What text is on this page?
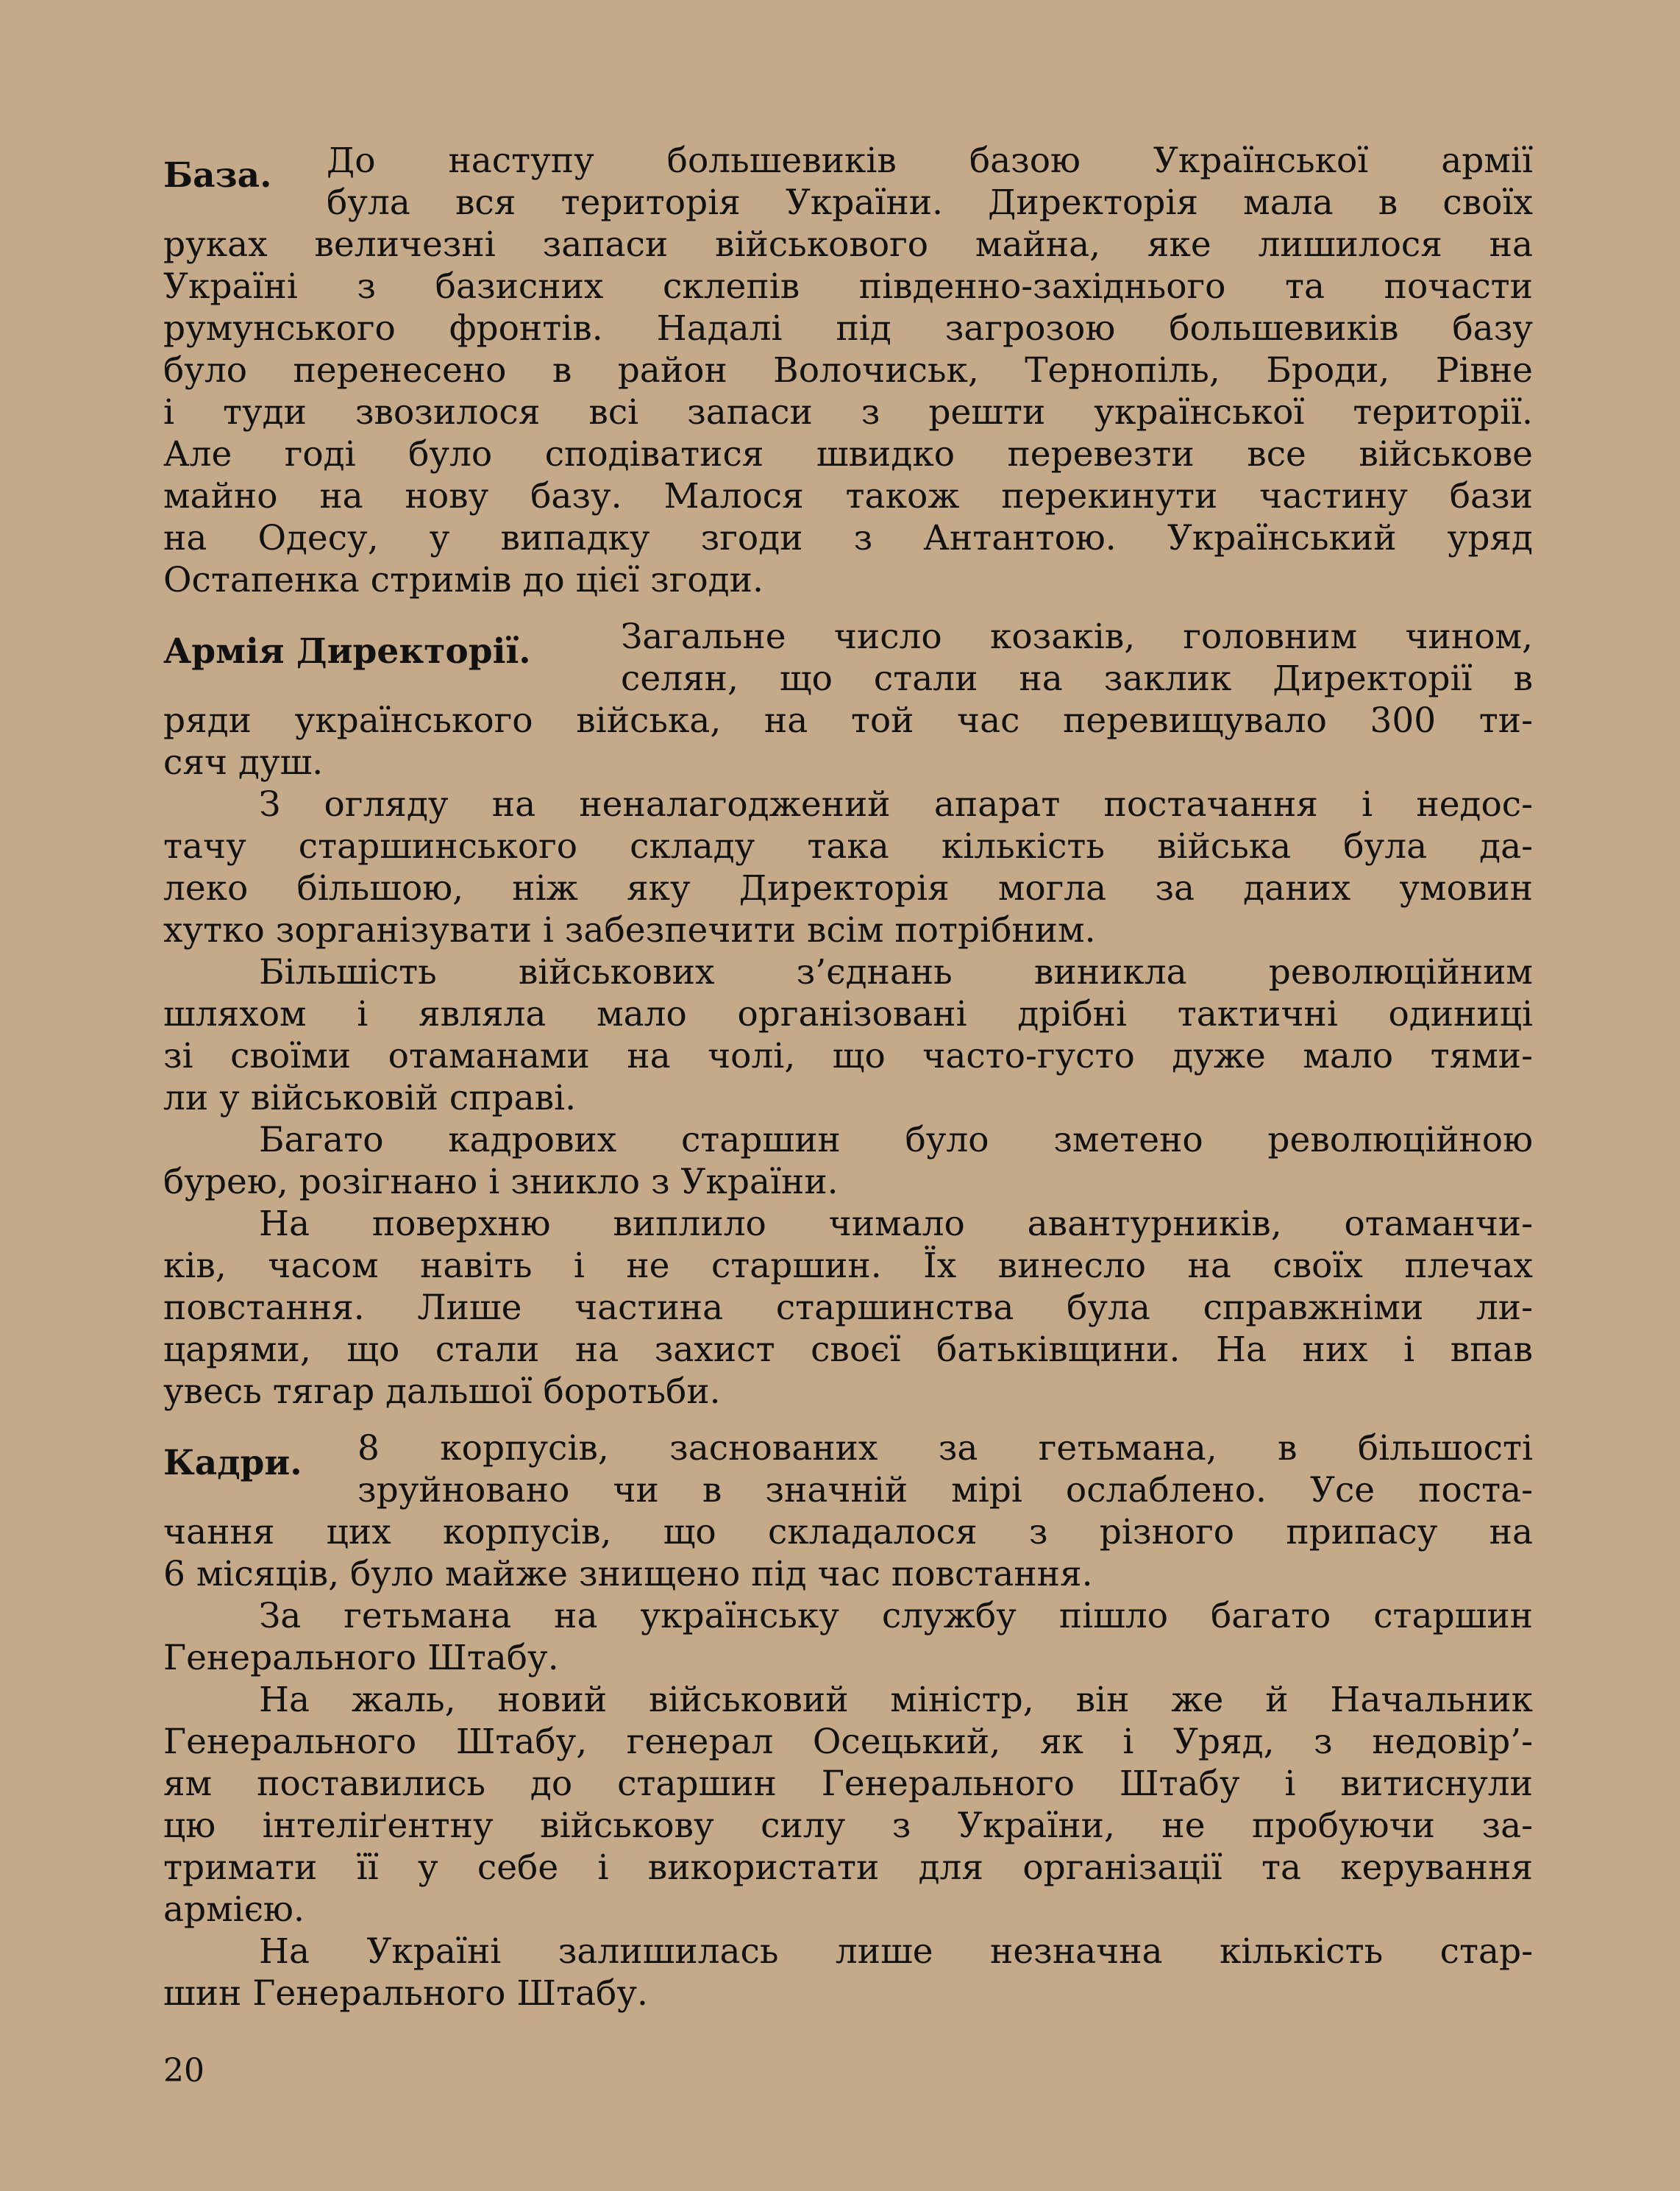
База. До наступу большевиків базою Української армії
була вся територія України. Директорія мала в своїх
руках величезні запаси військового майна, яке лишилося на
Україні з базисних склепів південно-західнього та почасти
румунського фронтів. Надалі під загрозою большевиків базу
було перенесено в район Волочиськ, Тернопіль, Броди, Рівне
і туди звозилося всі запаси з решти української території.
Але годі було сподіватися швидко перевезти все військове
майно на нову базу. Малося також перекинути частину бази
на Одесу, у випадку згоди з Антантою. Український уряд
Остапенка стримів до цієї згоди.
Армія Директорії.	Загальне число козаків, головним чином,
селян, що стали на заклик Директорії в
ряди українського війська, на той час перевищувало 300 ти-
сяч душ.
З огляду на неналагоджений апарат постачання і недос-
тачу старшинського складу така кількість війська була да-
леко більшою, ніж яку Директорія могла за даних умовин
хутко зорганізувати і забезпечити всім потрібним.
Більшість військових з’єднань виникла революційним
шляхом і являла мало організовані дрібні тактичні одиниці
зі своїми отаманами на чолі, що часто-густо дуже мало тями-
ли у військовій справі.
Багато кадрових старшин було зметено революційною
бурею, розігнано і зникло з України.
На поверхню виплило чимало авантурників, отаманчи-
ків, часом навіть і не старшин. Їх винесло на своїх плечах
повстання. Лише частина старшинства була справжніми ли-
царями, що стали на захист своєї батьківщини. На них і впав
увесь тягар дальшої боротьби.
Кадри. 8 корпусів, заснованих за гетьмана, в більшості
зруйновано чи в значній мірі ослаблено. Усе поста-
чання цих корпусів, що складалося з різного припасу на
6 місяців, було майже знищено під час повстання.
За гетьмана на українську службу пішло багато старшин
Генерального Штабу.
На жаль, новий військовий міністр, він же й Начальник
Генерального Штабу, генерал Осецький, як і Уряд, з недовір’-
ям поставились до старшин Генерального Штабу і витиснули
цю інтеліґентну військову силу з України, не пробуючи за-
тримати її у себе і використати для організації та керування
армією.
На Україні залишилась лише незначна кількість стар-
шин Генерального Штабу.
20
